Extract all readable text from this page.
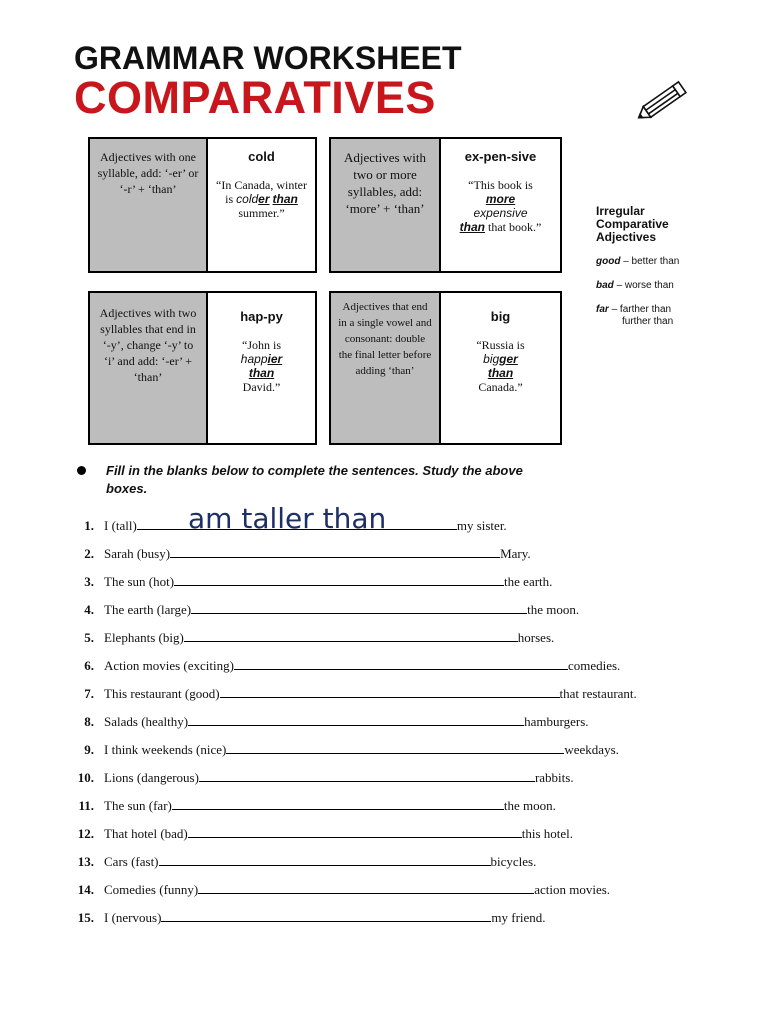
GRAMMAR WORKSHEET
COMPARATIVES
Adjectives with one syllable, add: ‘-er’ or ‘-r’ + ‘than’
cold
“In Canada, winter is colder than summer.”
Adjectives with two or more syllables, add: ‘more’ + ‘than’
ex-pen-sive
“This book is
more
expensive
than that book.”
Adjectives with two syllables that end in ‘-y’, change ‘-y’ to ‘i’ and add: ‘-er’ + ‘than’
hap-py
“John is
happier
than
David.”
Adjectives that end in a single vowel and consonant: double the final letter before adding ‘than’
big
“Russia is
bigger
than
Canada.”
Irregular Comparative Adjectives
good – better than
bad – worse than
far – farther than
further than
Fill in the blanks below to complete the sentences. Study the above boxes.
am taller than
1. I (tall)	my sister.
2. Sarah (busy)	Mary.
3. The sun (hot)	the earth.
4. The earth (large)	the moon.
5. Elephants (big)	horses.
6. Action movies (exciting)	comedies.
7. This restaurant (good)	that restaurant.
8. Salads (healthy)	hamburgers.
9. I think weekends (nice)	weekdays.
10. Lions (dangerous)	rabbits.
11. The sun (far)	the moon.
12. That hotel (bad)	this hotel.
13. Cars (fast)	bicycles.
14. Comedies (funny)	action movies.
15. I (nervous)	my friend.
